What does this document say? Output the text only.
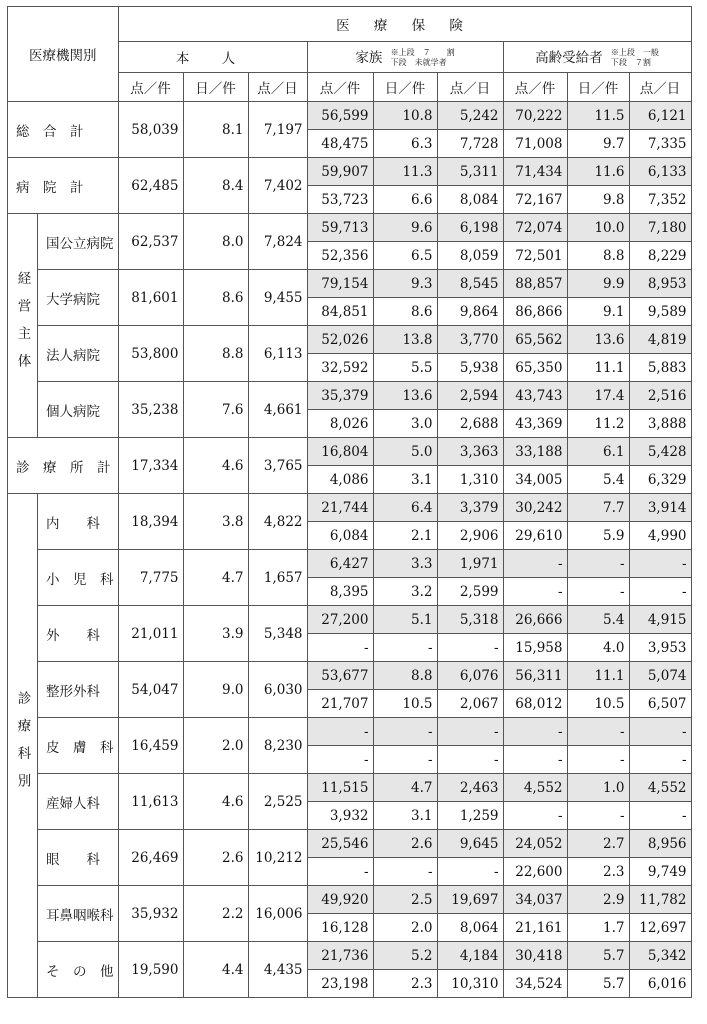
医療機関別		医 療 保 険								
		本 人			家族 ※上段　７　　割
下段　未就学者			高齢受給者 ※上段　一般
下段　７割		
		点／件	日／件	点／日	点／件	日／件	点／日	点／件	日／件	点／日
総　合　計		58,039	8.1	7,197	56,599	10.8	5,242	70,222	11.5	6,121
					48,475	6.3	7,728	71,008	9.7	7,335
病　院　計		62,485	8.4	7,402	59,907	11.3	5,311	71,434	11.6	6,133
					53,723	6.6	8,084	72,167	9.8	7,352
経営主体	国公立病院	62,537	8.0	7,824	59,713	9.6	6,198	72,074	10.0	7,180
					52,356	6.5	8,059	72,501	8.8	8,229
	大学病院	81,601	8.6	9,455	79,154	9.3	8,545	88,857	9.9	8,953
					84,851	8.6	9,864	86,866	9.1	9,589
	法人病院	53,800	8.8	6,113	52,026	13.8	3,770	65,562	13.6	4,819
					32,592	5.5	5,938	65,350	11.1	5,883
	個人病院	35,238	7.6	4,661	35,379	13.6	2,594	43,743	17.4	2,516
					8,026	3.0	2,688	43,369	11.2	3,888
診　療　所　計		17,334	4.6	3,765	16,804	5.0	3,363	33,188	6.1	5,428
					4,086	3.1	1,310	34,005	5.4	6,329
診療科別	内　　科	18,394	3.8	4,822	21,744	6.4	3,379	30,242	7.7	3,914
					6,084	2.1	2,906	29,610	5.9	4,990
	小　児　科	7,775	4.7	1,657	6,427	3.3	1,971	-	-	-
					8,395	3.2	2,599	-	-	-
	外　　科	21,011	3.9	5,348	27,200	5.1	5,318	26,666	5.4	4,915
					-	-	-	15,958	4.0	3,953
	整形外科	54,047	9.0	6,030	53,677	8.8	6,076	56,311	11.1	5,074
					21,707	10.5	2,067	68,012	10.5	6,507
	皮　膚　科	16,459	2.0	8,230	-	-	-	-	-	-
					-	-	-	-	-	-
	産婦人科	11,613	4.6	2,525	11,515	4.7	2,463	4,552	1.0	4,552
					3,932	3.1	1,259	-	-	-
	眼　　科	26,469	2.6	10,212	25,546	2.6	9,645	24,052	2.7	8,956
					-	-	-	22,600	2.3	9,749
	耳鼻咽喉科	35,932	2.2	16,006	49,920	2.5	19,697	34,037	2.9	11,782
					16,128	2.0	8,064	21,161	1.7	12,697
	そ　の　他	19,590	4.4	4,435	21,736	5.2	4,184	30,418	5.7	5,342
					23,198	2.3	10,310	34,524	5.7	6,016
